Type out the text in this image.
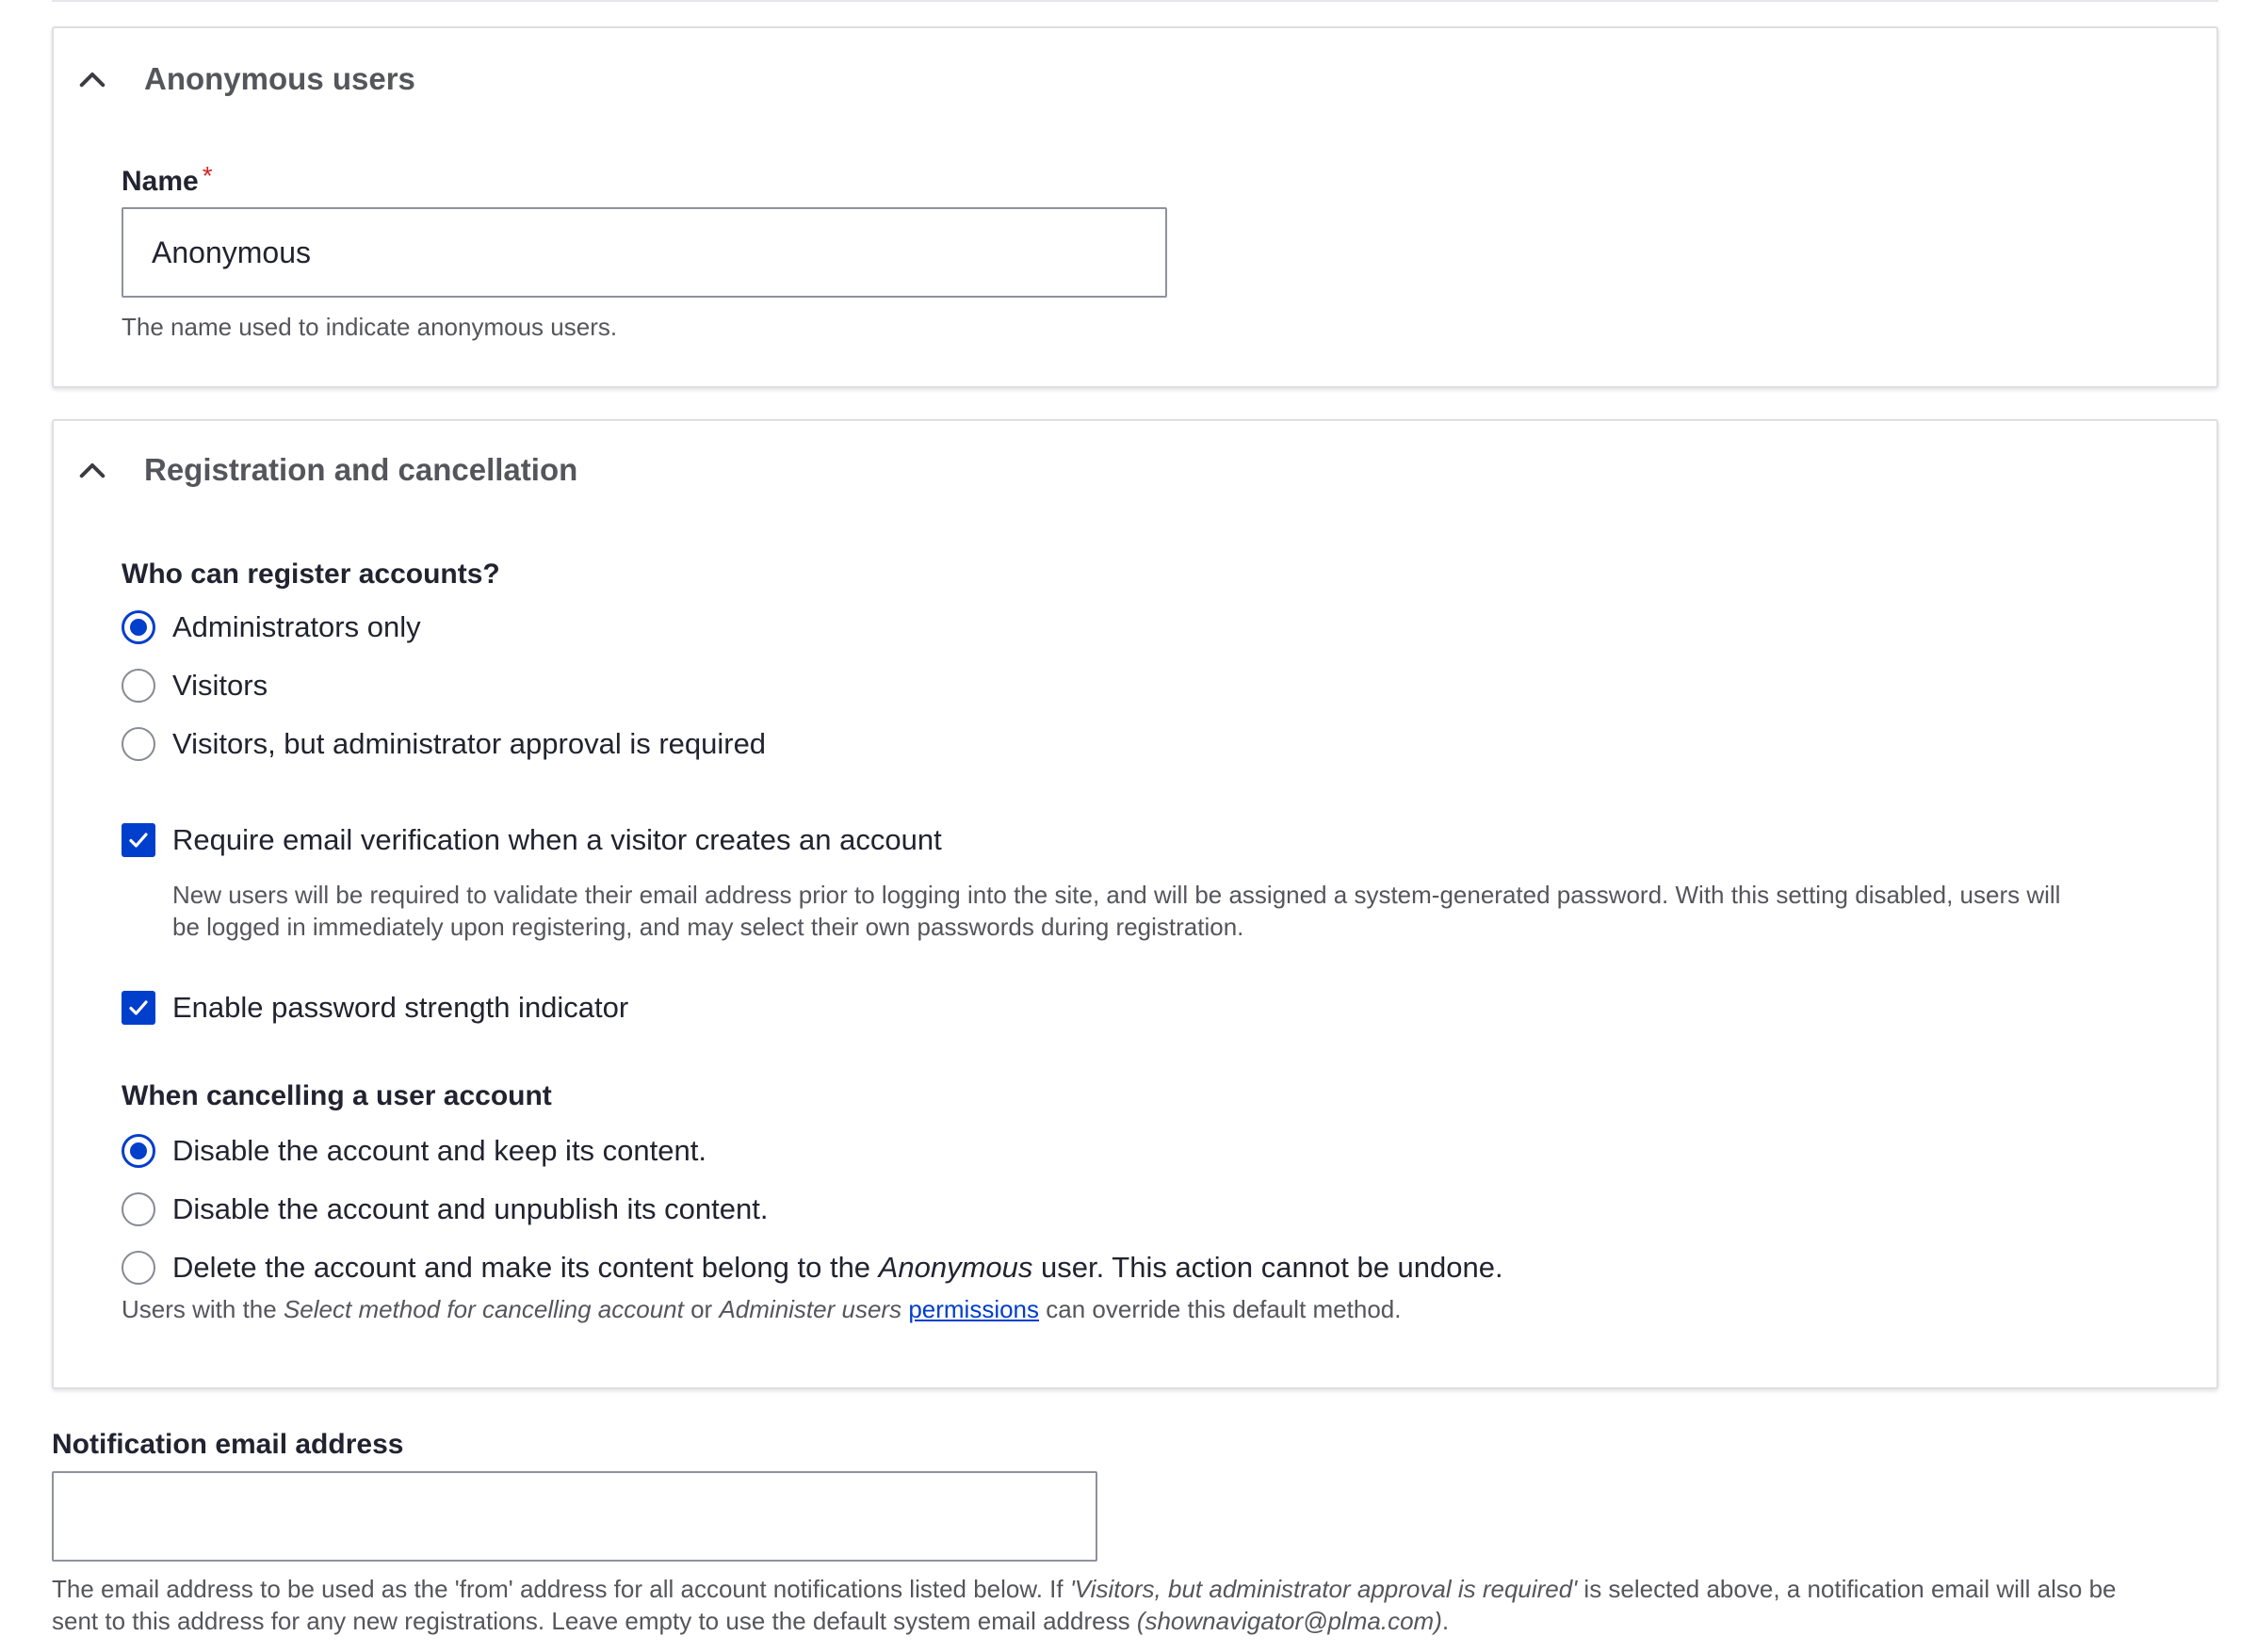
Anonymous users
Name *
Anonymous
The name used to indicate anonymous users.
Registration and cancellation
Who can register accounts?
Administrators only
Visitors
Visitors, but administrator approval is required
Require email verification when a visitor creates an account
New users will be required to validate their email address prior to logging into the site, and will be assigned a system-generated password. With this setting disabled, users will
be logged in immediately upon registering, and may select their own passwords during registration.
Enable password strength indicator
When cancelling a user account
Disable the account and keep its content.
Disable the account and unpublish its content.
Delete the account and make its content belong to the Anonymous user. This action cannot be undone.
Users with the Select method for cancelling account or Administer users permissions can override this default method.
Notification email address
The email address to be used as the 'from' address for all account notifications listed below. If 'Visitors, but administrator approval is required' is selected above, a notification email will also be
sent to this address for any new registrations. Leave empty to use the default system email address (shownavigator@plma.com).
